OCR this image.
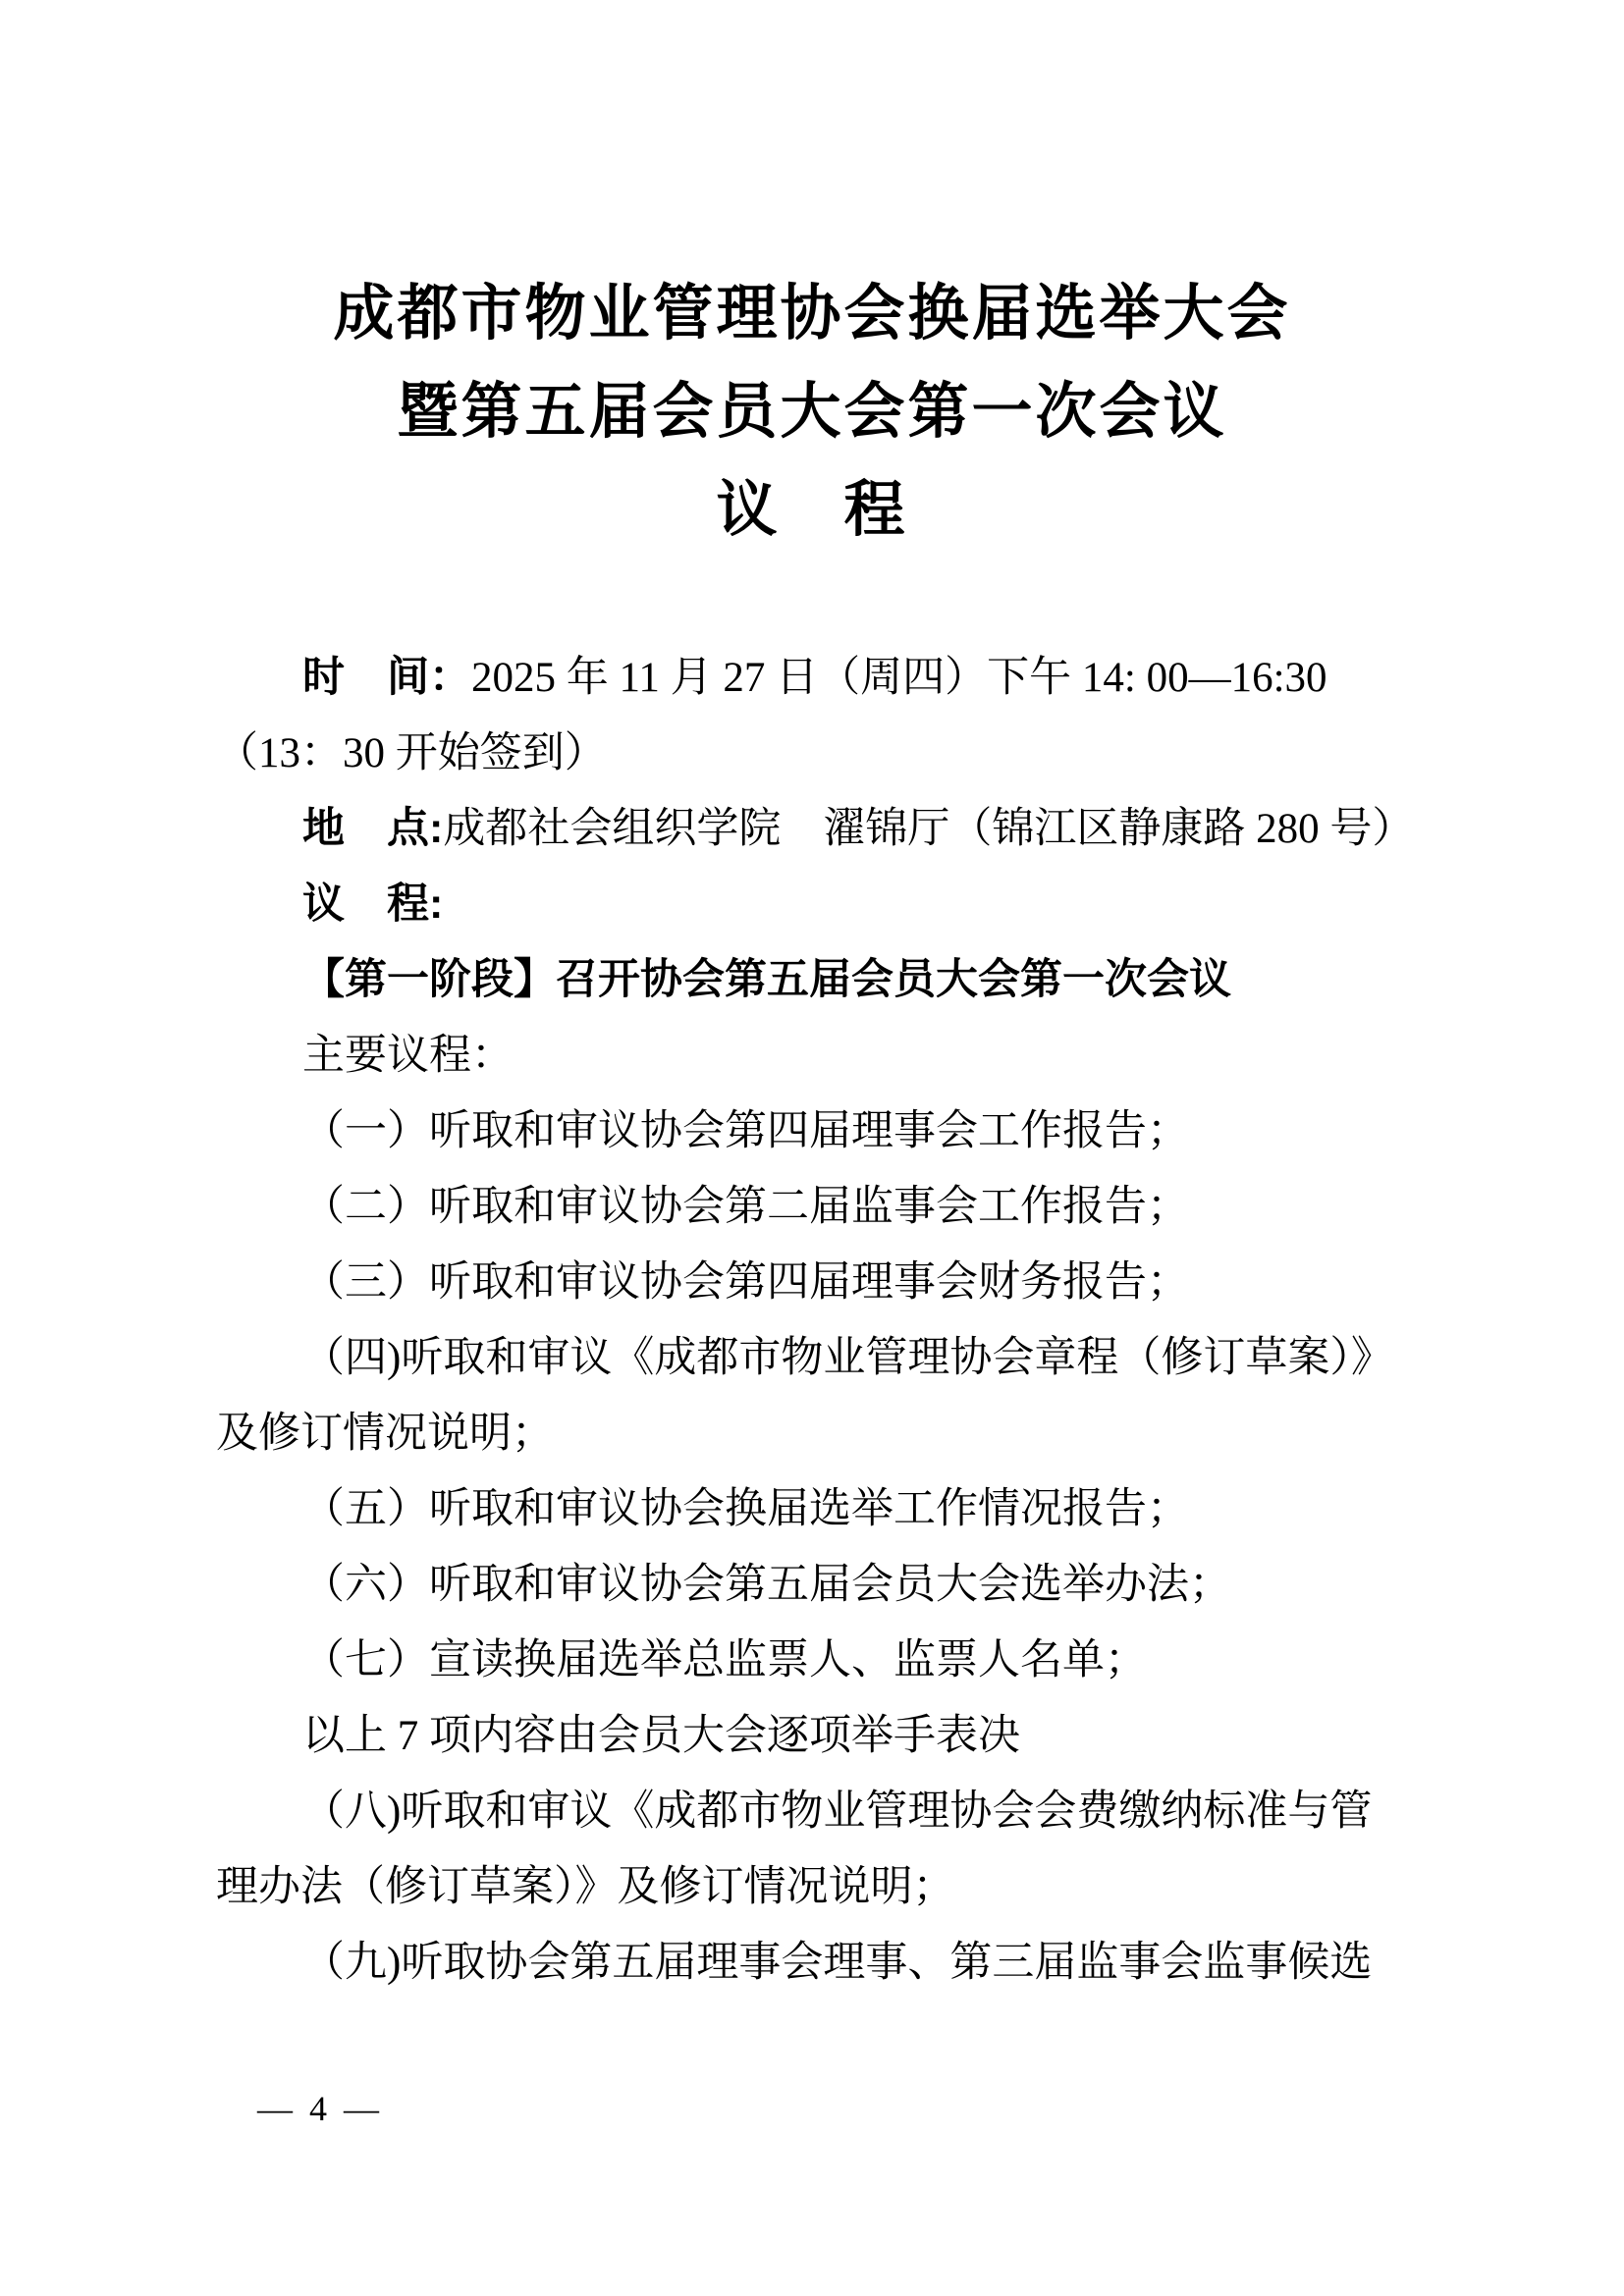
成都市物业管理协会换届选举大会
暨第五届会员大会第一次会议
议　程
时　间：2025 年 11 月 27 日（周四）下午 14: 00—16:30
（13：30 开始签到）
地　点:成都社会组织学院　濯锦厅（锦江区静康路 280 号）
议　程:
【第一阶段】召开协会第五届会员大会第一次会议
主要议程：
（一）听取和审议协会第四届理事会工作报告；
（二）听取和审议协会第二届监事会工作报告；
（三）听取和审议协会第四届理事会财务报告；
（四)听取和审议《成都市物业管理协会章程（修订草案）》
及修订情况说明；
（五）听取和审议协会换届选举工作情况报告；
（六）听取和审议协会第五届会员大会选举办法；
（七）宣读换届选举总监票人、监票人名单；
以上 7 项内容由会员大会逐项举手表决
（八)听取和审议《成都市物业管理协会会费缴纳标准与管
理办法（修订草案）》及修订情况说明；
（九)听取协会第五届理事会理事、第三届监事会监事候选
— 4 —
